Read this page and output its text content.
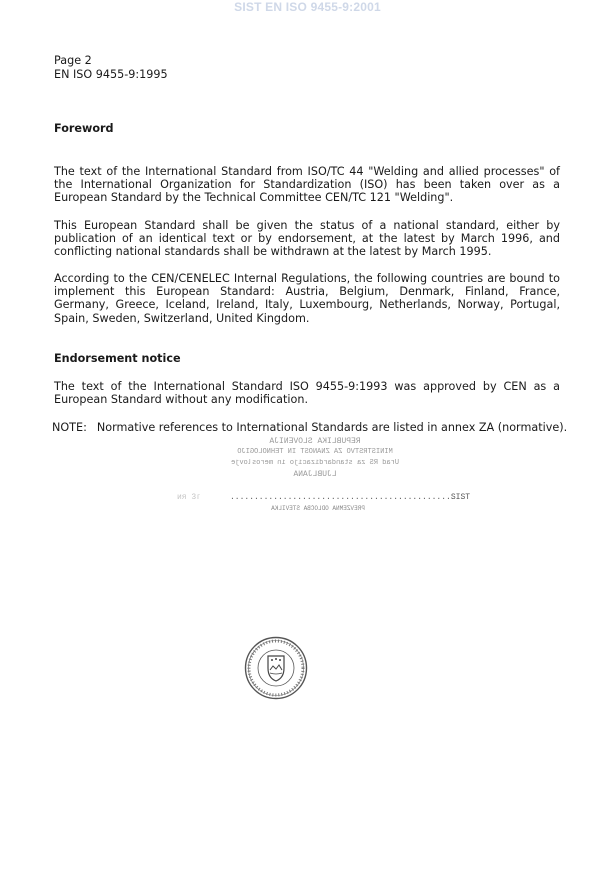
SIST EN ISO 9455-9:2001
Page 2
EN ISO 9455-9:1995
Foreword

The text of the International Standard from ISO/TC 44 "Welding and allied processes" of the International Organization for Standardization (ISO) has been taken over as a European Standard by the Technical Committee CEN/TC 121 "Welding".

This European Standard shall be given the status of a national standard, either by publication of an identical text or by endorsement, at the latest by March 1996, and conflicting national standards shall be withdrawn at the latest by March 1995.

According to the CEN/CENELEC Internal Regulations, the following countries are bound to implement this European Standard: Austria, Belgium, Denmark, Finland, France, Germany, Greece, Iceland, Ireland, Italy, Luxembourg, Netherlands, Norway, Portugal, Spain, Sweden, Switzerland, United Kingdom.

Endorsement notice

The text of the International Standard ISO 9455-9:1993 was approved by CEN as a European Standard without any modification.

NOTE: Normative references to International Standards are listed in annex ZA (normative).
REPUBLIKA SLOVENIJA
MINISTRSTVO ZA ZNANOST IN TEHNOLOGIJO
Urad RS za standardizacijo in meroslovje
LJUBLJANA
..............................................SIST
PREVZEMNA ODLOČBA ŠTEVILKA
ᴎᴙ 3ᴦ
